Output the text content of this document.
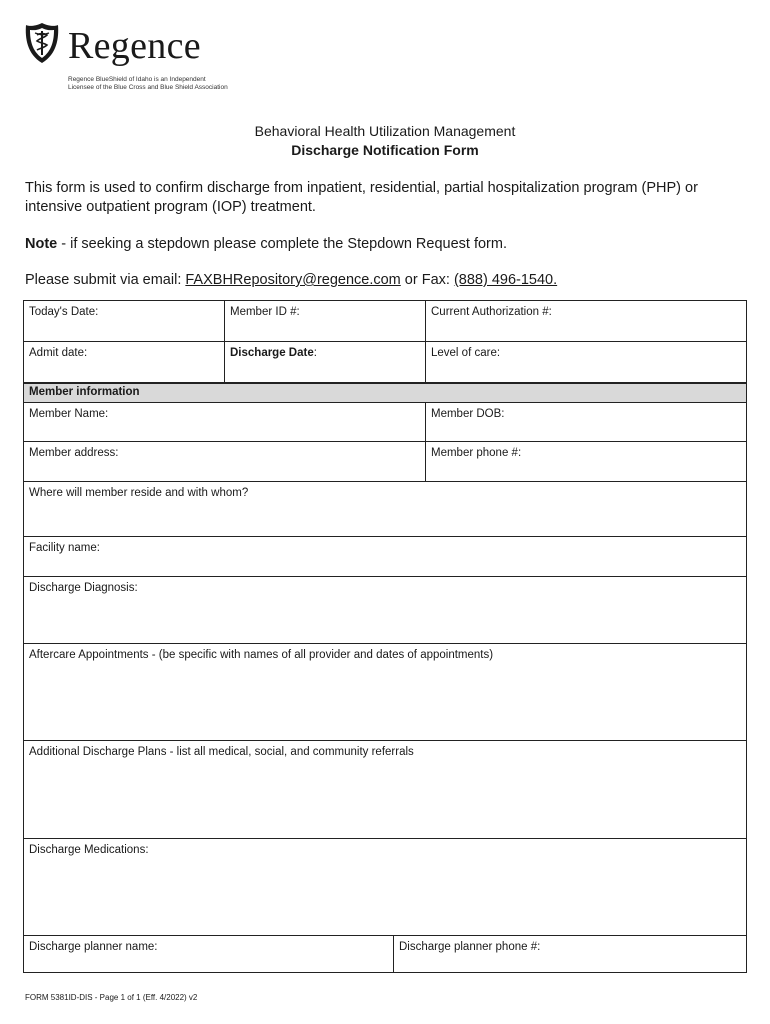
Regence
Regence BlueShield of Idaho is an Independent
Licensee of the Blue Cross and Blue Shield Association
Behavioral Health Utilization Management
Discharge Notification Form
This form is used to confirm discharge from inpatient, residential, partial hospitalization program (PHP) or intensive outpatient program (IOP) treatment.
Note - if seeking a stepdown please complete the Stepdown Request form.
Please submit via email: FAXBHRepository@regence.com or Fax: (888) 496-1540.
Today's Date:	Member ID #:	Current Authorization #:
Admit date:	Discharge Date:	Level of care:
Member information
Member Name:	Member DOB:
Member address:	Member phone #:
Where will member reside and with whom?
Facility name:
Discharge Diagnosis:
Aftercare Appointments - (be specific with names of all provider and dates of appointments)
Additional Discharge Plans - list all medical, social, and community referrals
Discharge Medications:
Discharge planner name:	Discharge planner phone #:
FORM 5381ID-DIS - Page 1 of 1 (Eff. 4/2022) v2
